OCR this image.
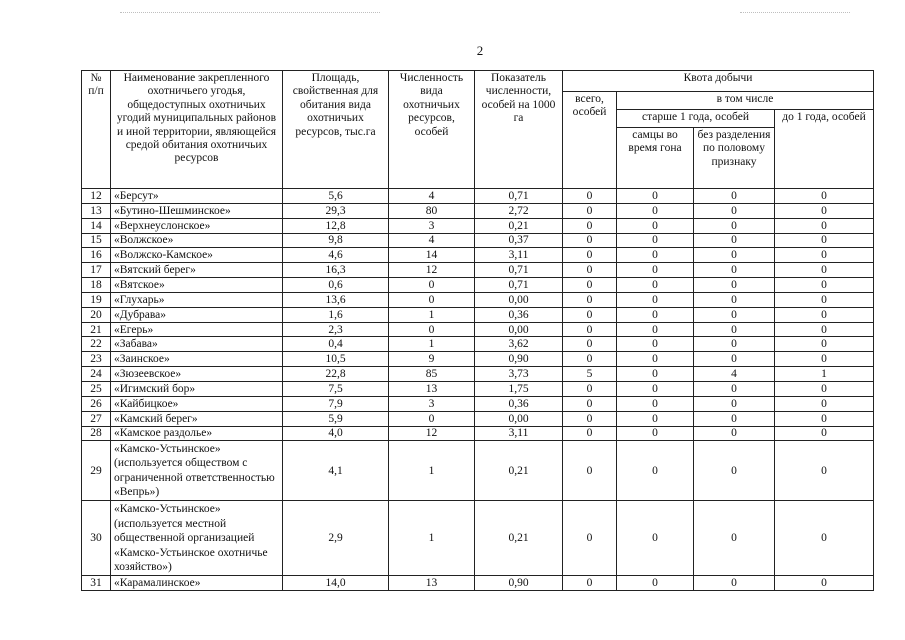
2
№ п/п	Наименование закрепленного охотничьего угодья, общедоступных охотничьих угодий муниципальных районов и иной территории, являющейся средой обитания охотничьих ресурсов	Площадь, свойственная для обитания вида охотничьих ресурсов, тыс.га	Численность вида охотничьих ресурсов, особей	Показатель численности, особей на 1000 га	Квота добычи			
					всего, особей	в том числе		
						старше 1 года, особей		до 1 года, особей
						самцы во время гона	без разделения по половому признаку	
12	«Берсут»	5,6	4	0,71	0	0	0	0
13	«Бутино-Шешминское»	29,3	80	2,72	0	0	0	0
14	«Верхнеуслонское»	12,8	3	0,21	0	0	0	0
15	«Волжское»	9,8	4	0,37	0	0	0	0
16	«Волжско-Камское»	4,6	14	3,11	0	0	0	0
17	«Вятский берег»	16,3	12	0,71	0	0	0	0
18	«Вятское»	0,6	0	0,71	0	0	0	0
19	«Глухарь»	13,6	0	0,00	0	0	0	0
20	«Дубрава»	1,6	1	0,36	0	0	0	0
21	«Егерь»	2,3	0	0,00	0	0	0	0
22	«Забава»	0,4	1	3,62	0	0	0	0
23	«Заинское»	10,5	9	0,90	0	0	0	0
24	«Зюзеевское»	22,8	85	3,73	5	0	4	1
25	«Игимский бор»	7,5	13	1,75	0	0	0	0
26	«Кайбицкое»	7,9	3	0,36	0	0	0	0
27	«Камский берег»	5,9	0	0,00	0	0	0	0
28	«Камское раздолье»	4,0	12	3,11	0	0	0	0
29	«Камско-Устьинское» (используется обществом с ограниченной ответственностью «Вепрь»)	4,1	1	0,21	0	0	0	0
30	«Камско-Устьинское» (используется местной общественной организацией «Камско-Устьинское охотничье хозяйство»)	2,9	1	0,21	0	0	0	0
31	«Карамалинское»	14,0	13	0,90	0	0	0	0
